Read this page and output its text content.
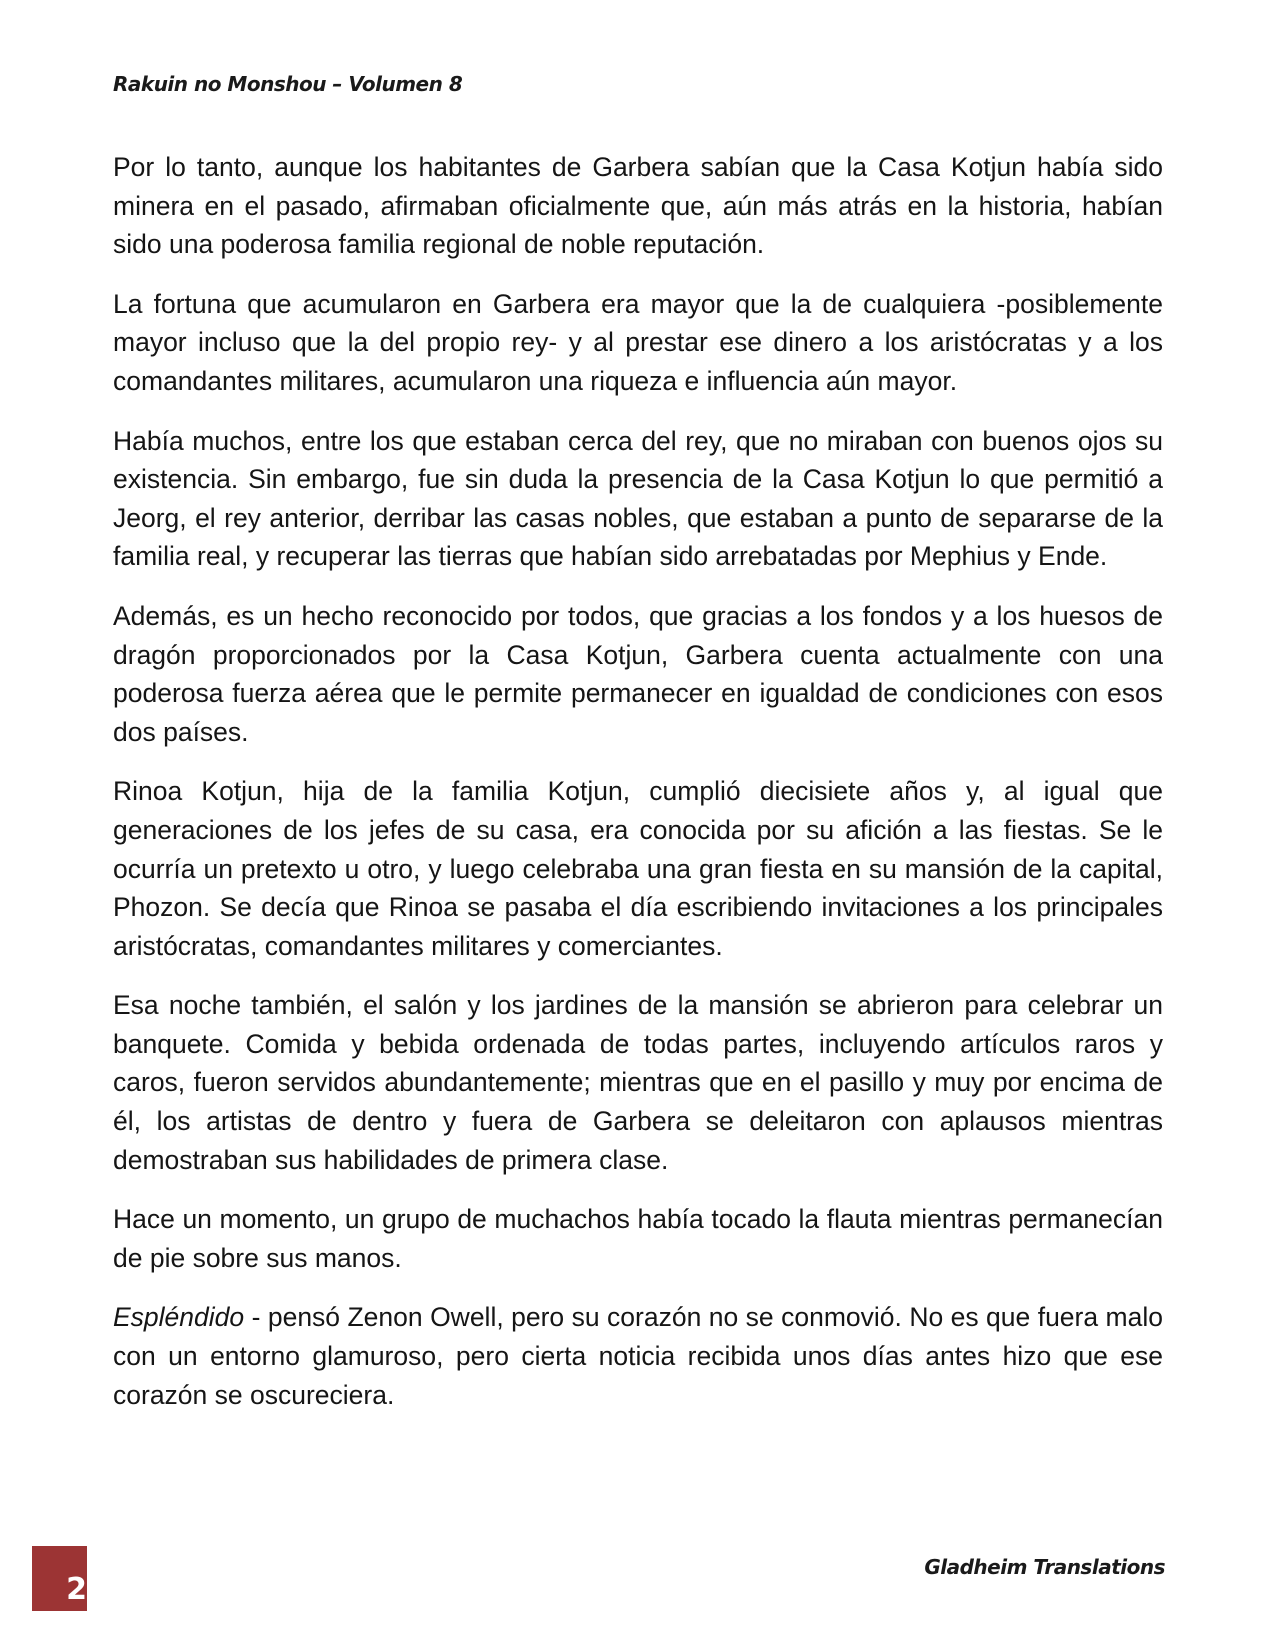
Rakuin no Monshou – Volumen 8

Por lo tanto, aunque los habitantes de Garbera sabían que la Casa Kotjun había sido minera en el pasado, afirmaban oficialmente que, aún más atrás en la historia, habían sido una poderosa familia regional de noble reputación.

La fortuna que acumularon en Garbera era mayor que la de cualquiera -posiblemente mayor incluso que la del propio rey- y al prestar ese dinero a los aristócratas y a los comandantes militares, acumularon una riqueza e influencia aún mayor.

Había muchos, entre los que estaban cerca del rey, que no miraban con buenos ojos su existencia. Sin embargo, fue sin duda la presencia de la Casa Kotjun lo que permitió a Jeorg, el rey anterior, derribar las casas nobles, que estaban a punto de separarse de la familia real, y recuperar las tierras que habían sido arrebatadas por Mephius y Ende.

Además, es un hecho reconocido por todos, que gracias a los fondos y a los huesos de dragón proporcionados por la Casa Kotjun, Garbera cuenta actualmente con una poderosa fuerza aérea que le permite permanecer en igualdad de condiciones con esos dos países.

Rinoa Kotjun, hija de la familia Kotjun, cumplió diecisiete años y, al igual que generaciones de los jefes de su casa, era conocida por su afición a las fiestas. Se le ocurría un pretexto u otro, y luego celebraba una gran fiesta en su mansión de la capital, Phozon. Se decía que Rinoa se pasaba el día escribiendo invitaciones a los principales aristócratas, comandantes militares y comerciantes.

Esa noche también, el salón y los jardines de la mansión se abrieron para celebrar un banquete. Comida y bebida ordenada de todas partes, incluyendo artículos raros y caros, fueron servidos abundantemente; mientras que en el pasillo y muy por encima de él, los artistas de dentro y fuera de Garbera se deleitaron con aplausos mientras demostraban sus habilidades de primera clase.

Hace un momento, un grupo de muchachos había tocado la flauta mientras permanecían de pie sobre sus manos.

Espléndido - pensó Zenon Owell, pero su corazón no se conmovió. No es que fuera malo con un entorno glamuroso, pero cierta noticia recibida unos días antes hizo que ese corazón se oscureciera.

2
Gladheim Translations
